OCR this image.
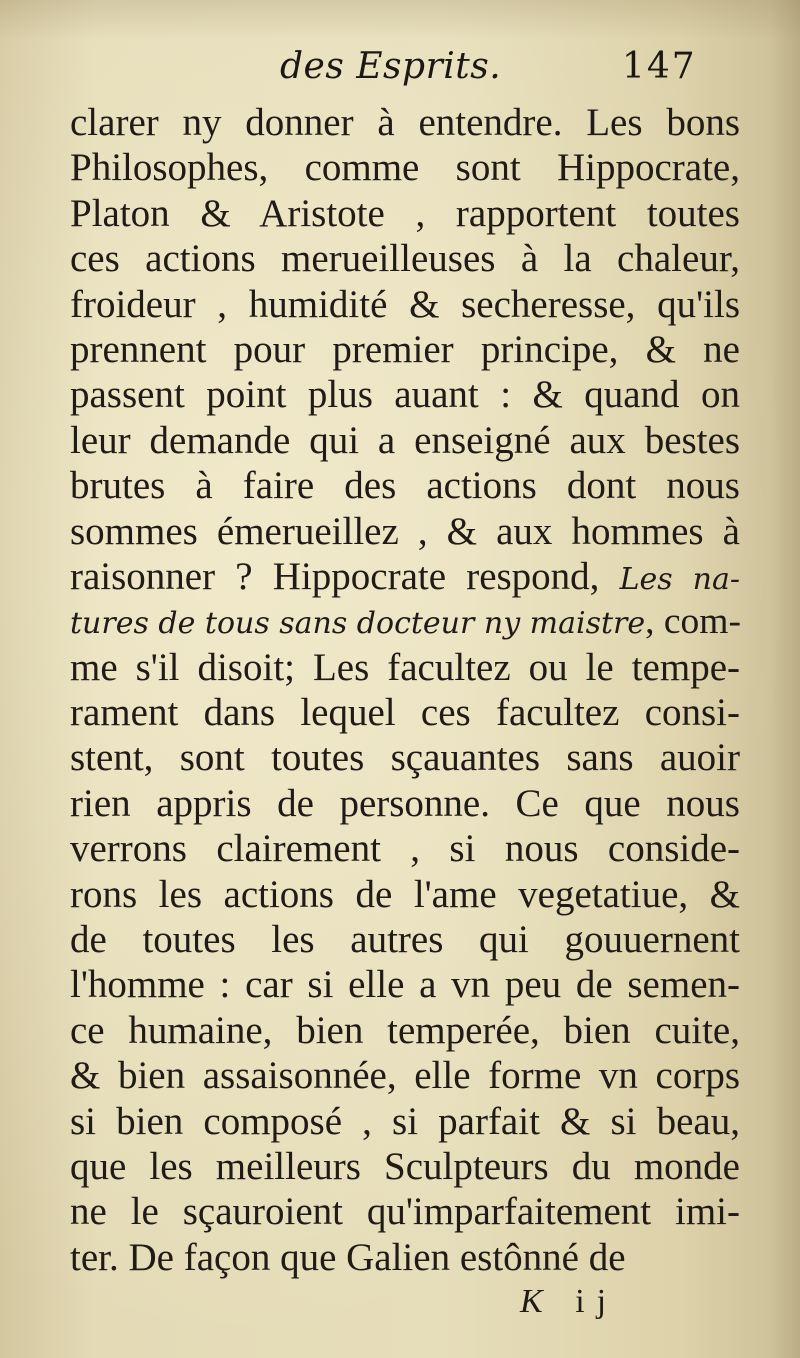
des Esprits.	147
clarer ny donner à entendre. Les bons
Philosophes, comme sont Hippocrate,
Platon & Aristote , rapportent toutes
ces actions merueilleuses à la chaleur,
froideur , humidité & secheresse, qu'ils
prennent pour premier principe, & ne
passent point plus auant : & quand on
leur demande qui a enseigné aux bestes
brutes à faire des actions dont nous
sommes émerueillez , & aux hommes à
raisonner ? Hippocrate respond, Les na-
tures de tous sans docteur ny maistre, com-
me s'il disoit; Les facultez ou le tempe-
rament dans lequel ces facultez consi-
stent, sont toutes sçauantes sans auoir
rien appris de personne. Ce que nous
verrons clairement , si nous conside-
rons les actions de l'ame vegetatiue, &
de toutes les autres qui gouuernent
l'homme : car si elle a vn peu de semen-
ce humaine, bien temperée, bien cuite,
& bien assaisonnée, elle forme vn corps
si bien composé , si parfait & si beau,
que les meilleurs Sculpteurs du monde
ne le sçauroient qu'imparfaitement imi-
ter. De façon que Galien estônné de
K ij
